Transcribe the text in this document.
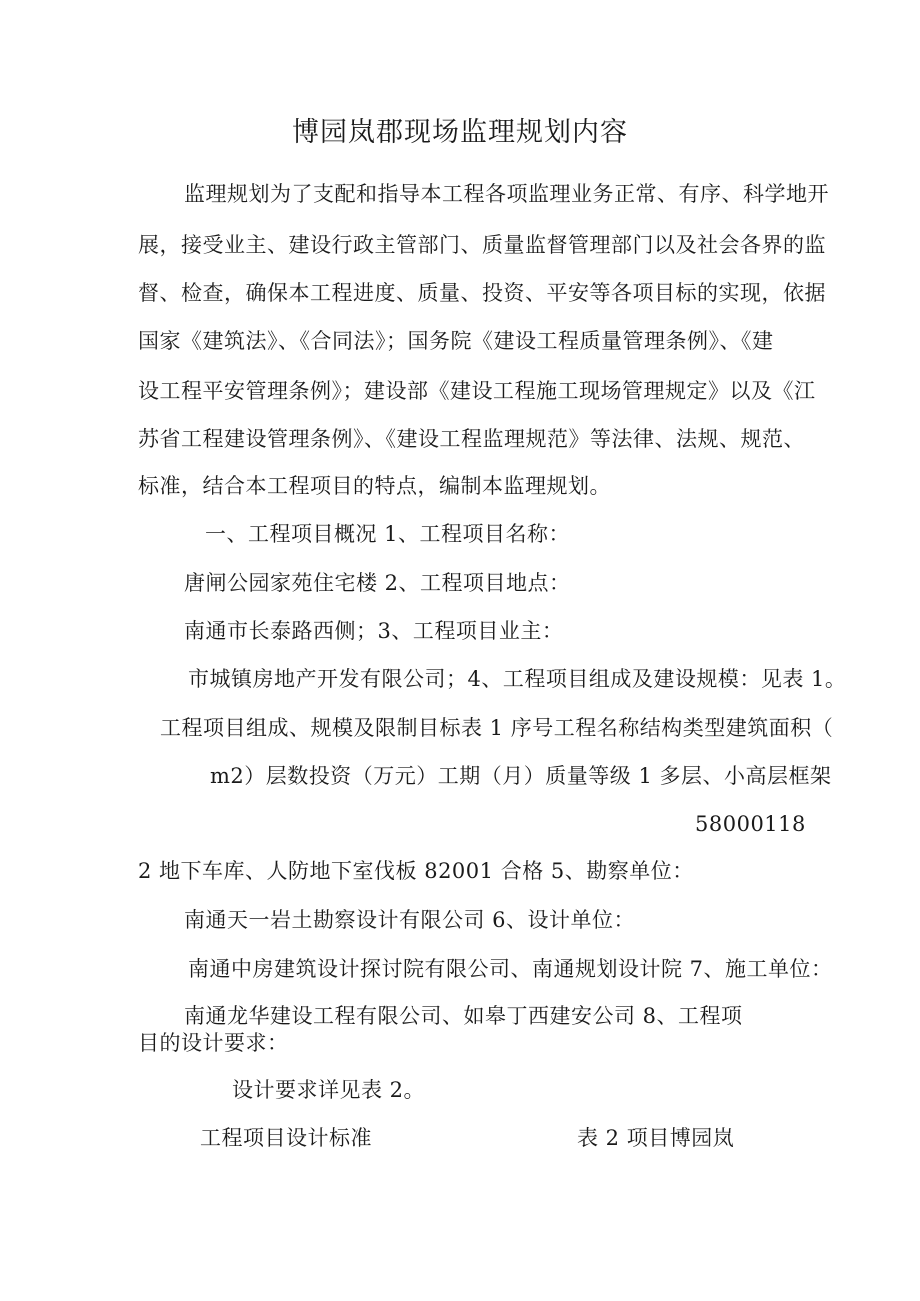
博园岚郡现场监理规划内容
监理规划为了支配和指导本工程各项监理业务正常、有序、科学地开
展，接受业主、建设行政主管部门、质量监督管理部门以及社会各界的监
督、检查，确保本工程进度、质量、投资、平安等各项目标的实现，依据
国家《建筑法》、《合同法》；国务院《建设工程质量管理条例》、《建
设工程平安管理条例》；建设部《建设工程施工现场管理规定》以及《江
苏省工程建设管理条例》、《建设工程监理规范》等法律、法规、规范、
标准，结合本工程项目的特点，编制本监理规划。
一、工程项目概况 1、工程项目名称：
唐闸公园家苑住宅楼 2、工程项目地点：
南通市长泰路西侧；3、工程项目业主：
市城镇房地产开发有限公司；4、工程项目组成及建设规模：见表 1。
工程项目组成、规模及限制目标表 1 序号工程名称结构类型建筑面积（
m2）层数投资（万元）工期（月）质量等级 1 多层、小高层框架
58000118
2 地下车库、人防地下室伐板 82001 合格 5、勘察单位：
南通天一岩土勘察设计有限公司 6、设计单位：
南通中房建筑设计探讨院有限公司、南通规划设计院 7、施工单位：
南通龙华建设工程有限公司、如皋丁西建安公司 8、工程项
目的设计要求：
设计要求详见表 2。
工程项目设计标准	表 2 项目博园岚
